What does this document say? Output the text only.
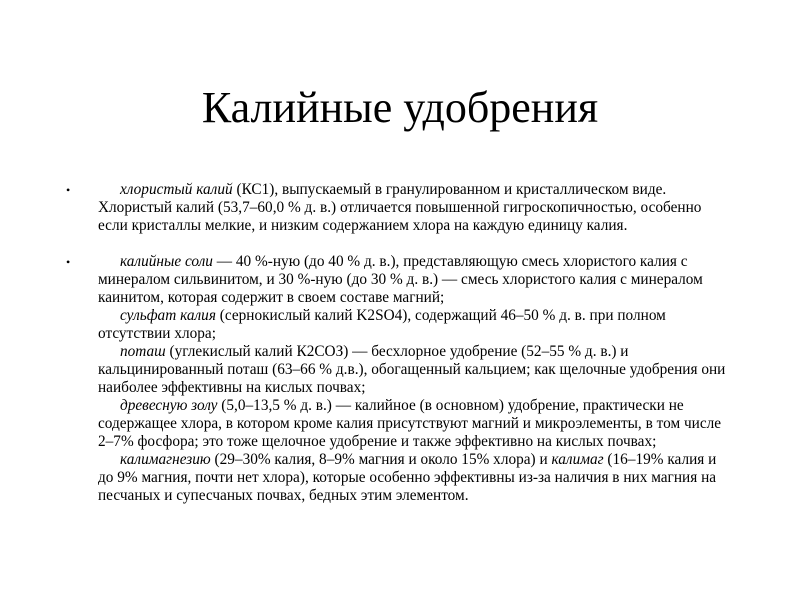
Калийные удобрения
•	хлористый калий (КС1), выпускаемый в гранулированном и кристаллическом виде. Хлористый калий (53,7–60,0 % д. в.) отличается повышенной гигроскопичностью, особенно если кристаллы мелкие, и низким содержанием хлора на каждую единицу калия.
•	калийные соли — 40 %-ную (до 40 % д. в.), представляющую смесь хлористого калия с минералом сильвинитом, и 30 %-ную (до 30 % д. в.) — смесь хлористого калия с минералом каинитом, которая содержит в своем составе магний;
сульфат калия (сернокислый калий K2SO4), содержащий 46–50 % д. в. при полном отсутствии хлора;
поташ (углекислый калий К2СОЗ) — бесхлорное удобрение (52–55 % д. в.) и кальцинированный поташ (63–66 % д.в.), обогащенный кальцием; как щелочные удобрения они наиболее эффективны на кислых почвах;
древесную золу (5,0–13,5 % д. в.) — калийное (в основном) удобрение, практически не содержащее хлора, в котором кроме калия присутствуют магний и микроэлементы, в том числе 2–7% фосфора; это тоже щелочное удобрение и также эффективно на кислых почвах;
калимагнезию (29–30% калия, 8–9% магния и около 15% хлора) и калимаг (16–19% калия и до 9% магния, почти нет хлора), которые особенно эффективны из-за наличия в них магния на песчаных и супесчаных почвах, бедных этим элементом.
